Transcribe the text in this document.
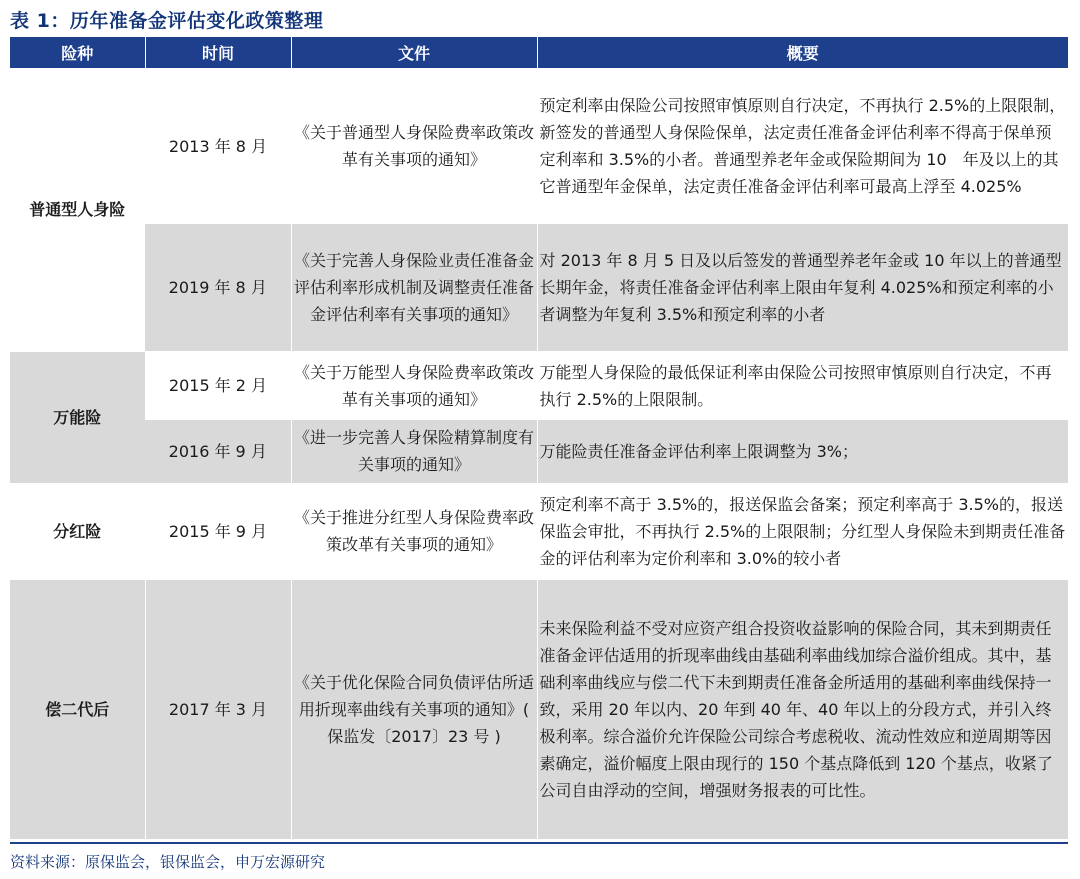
表 1：历年准备金评估变化政策整理
险种	时间	文件	概要
普通型人身险	2013 年 8 月	《关于普通型人身保险费率政策改革有关事项的通知》	预定利率由保险公司按照审慎原则自行决定，不再执行 2.5%的上限限制，新签发的普通型人身保险保单，法定责任准备金评估利率不得高于保单预定利率和 3.5%的小者。普通型养老年金或保险期间为 10　年及以上的其它普通型年金保单，法定责任准备金评估利率可最高上浮至 4.025%
	2019 年 8 月	《关于完善人身保险业责任准备金评估利率形成机制及调整责任准备金评估利率有关事项的通知》	对 2013 年 8 月 5 日及以后签发的普通型养老年金或 10 年以上的普通型长期年金，将责任准备金评估利率上限由年复利 4.025%和预定利率的小者调整为年复利 3.5%和预定利率的小者
万能险	2015 年 2 月	《关于万能型人身保险费率政策改革有关事项的通知》	万能型人身保险的最低保证利率由保险公司按照审慎原则自行决定，不再执行 2.5%的上限限制。
	2016 年 9 月	《进一步完善人身保险精算制度有关事项的通知》	万能险责任准备金评估利率上限调整为 3%；
分红险	2015 年 9 月	《关于推进分红型人身保险费率政策改革有关事项的通知》	预定利率不高于 3.5%的，报送保监会备案；预定利率高于 3.5%的，报送保监会审批，不再执行 2.5%的上限限制；分红型人身保险未到期责任准备金的评估利率为定价利率和 3.0%的较小者
偿二代后	2017 年 3 月	《关于优化保险合同负债评估所适用折现率曲线有关事项的通知》( 保监发〔2017〕23 号 )	未来保险利益不受对应资产组合投资收益影响的保险合同，其未到期责任准备金评估适用的折现率曲线由基础利率曲线加综合溢价组成。其中，基础利率曲线应与偿二代下未到期责任准备金所适用的基础利率曲线保持一致，采用 20 年以内、20 年到 40 年、40 年以上的分段方式，并引入终极利率。综合溢价允许保险公司综合考虑税收、流动性效应和逆周期等因素确定，溢价幅度上限由现行的 150 个基点降低到 120 个基点，收紧了公司自由浮动的空间，增强财务报表的可比性。
资料来源：原保监会，银保监会，申万宏源研究
